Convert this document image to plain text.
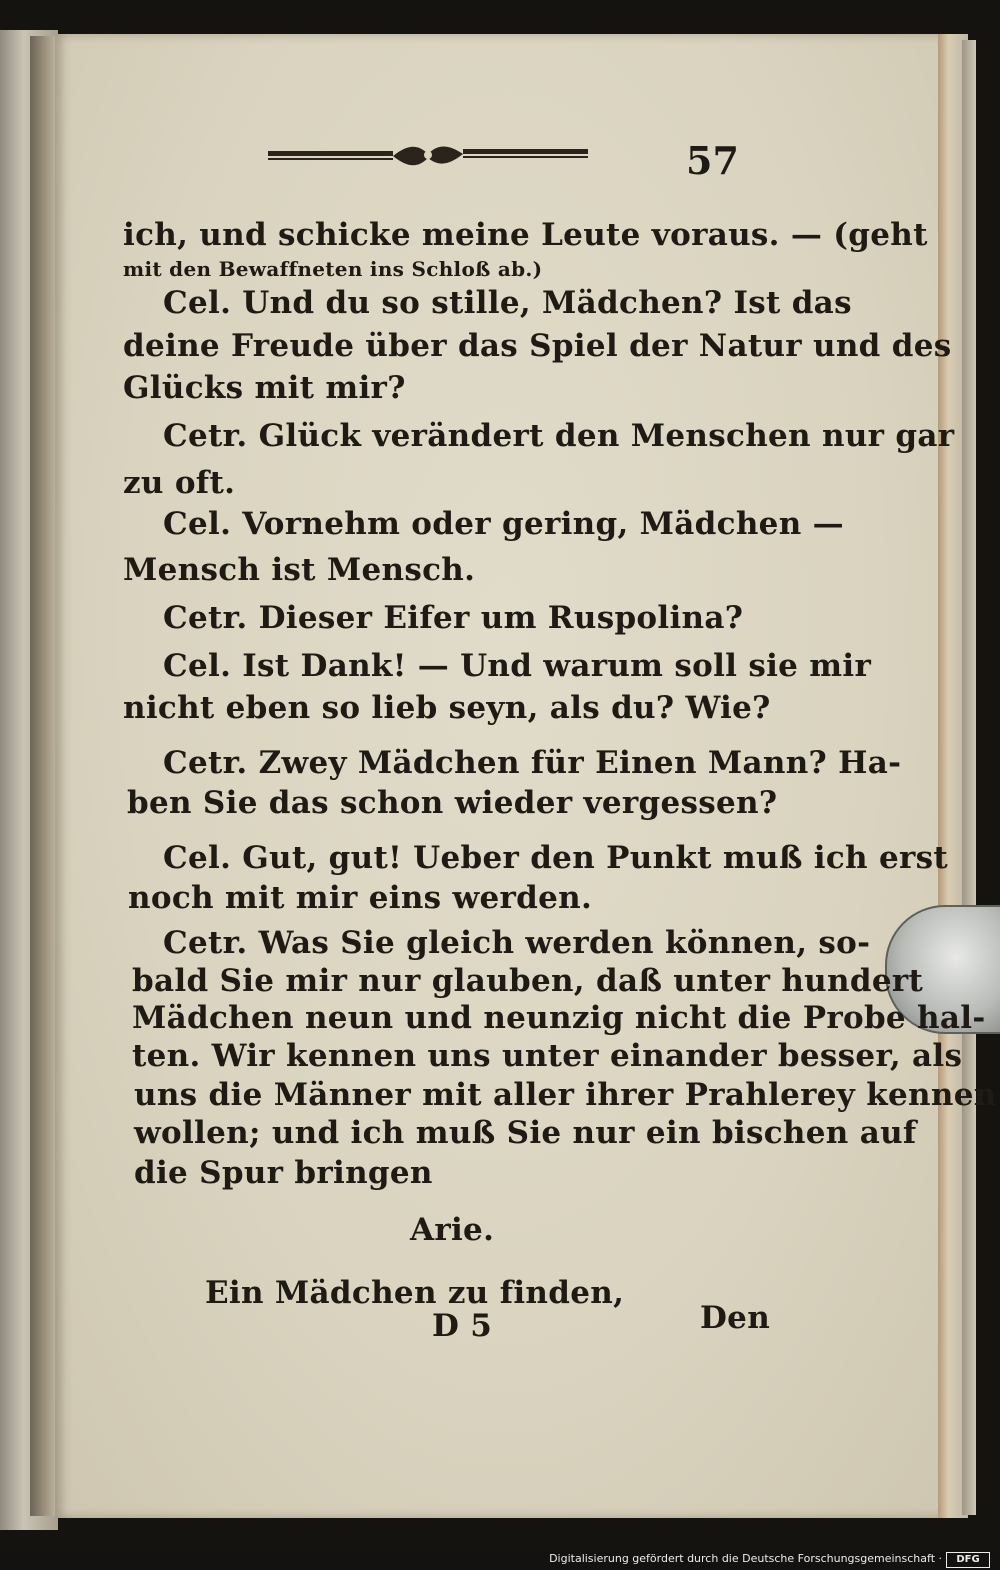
57
ich, und schicke meine Leute voraus. — (geht
mit den Bewaffneten ins Schloß ab.)
Cel. Und du so stille, Mädchen? Ist das
deine Freude über das Spiel der Natur und des
Glücks mit mir?
Cetr. Glück verändert den Menschen nur gar
zu oft.
Cel. Vornehm oder gering, Mädchen —
Mensch ist Mensch.
Cetr. Dieser Eifer um Ruspolina?
Cel. Ist Dank! — Und warum soll sie mir
nicht eben so lieb seyn, als du? Wie?
Cetr. Zwey Mädchen für Einen Mann? Ha-
ben Sie das schon wieder vergessen?
Cel. Gut, gut! Ueber den Punkt muß ich erst
noch mit mir eins werden.
Cetr. Was Sie gleich werden können, so-
bald Sie mir nur glauben, daß unter hundert
Mädchen neun und neunzig nicht die Probe hal-
ten. Wir kennen uns unter einander besser, als
uns die Männer mit aller ihrer Prahlerey kennen
wollen; und ich muß Sie nur ein bischen auf
die Spur bringen
Arie.
Ein Mädchen zu finden,
D 5	Den
Digitalisierung gefördert durch die Deutsche Forschungsgemeinschaft ·	DFG
